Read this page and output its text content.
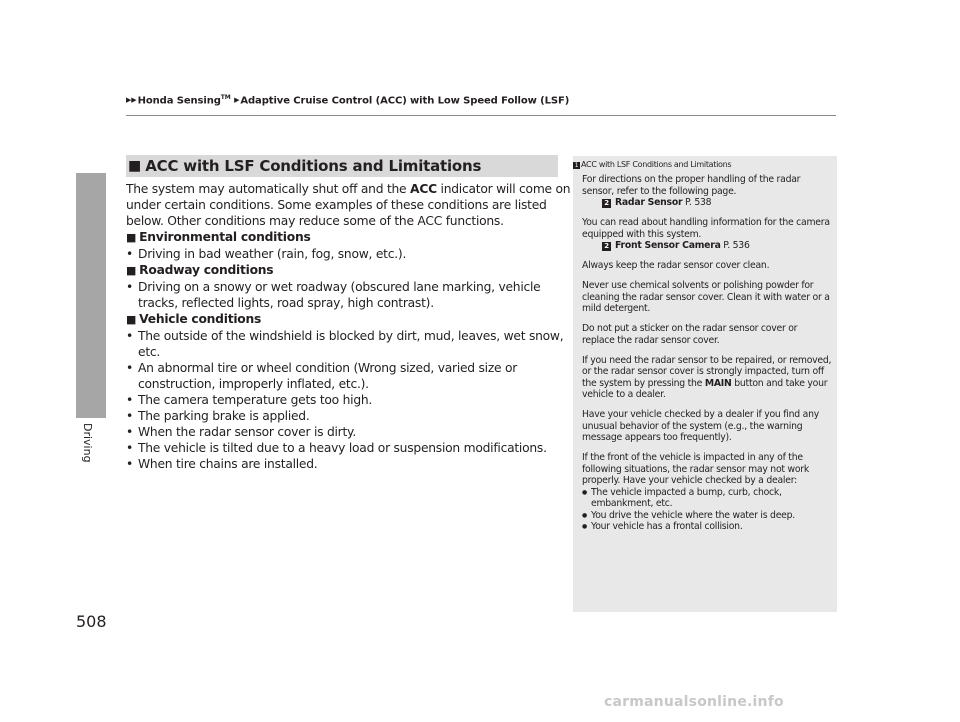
▶▶Honda Sensing™ ▶Adaptive Cruise Control (ACC) with Low Speed Follow (LSF)
Driving
508
■ ACC with LSF Conditions and Limitations

The system may automatically shut off and the ACC indicator will come on under certain conditions. Some examples of these conditions are listed below. Other conditions may reduce some of the ACC functions.

■ Environmental conditions

• Driving in bad weather (rain, fog, snow, etc.).

■ Roadway conditions

• Driving on a snowy or wet roadway (obscured lane marking, vehicle tracks, reflected lights, road spray, high contrast).

■ Vehicle conditions

• The outside of the windshield is blocked by dirt, mud, leaves, wet snow, etc.

• An abnormal tire or wheel condition (Wrong sized, varied size or construction, improperly inflated, etc.).

• The camera temperature gets too high.

• The parking brake is applied.

• When the radar sensor cover is dirty.

• The vehicle is tilted due to a heavy load or suspension modifications.

• When tire chains are installed.

1 ACC with LSF Conditions and Limitations

For directions on the proper handling of the radar sensor, refer to the following page.

2 Radar Sensor P. 538

You can read about handling information for the camera equipped with this system.

2 Front Sensor Camera P. 536

Always keep the radar sensor cover clean.

Never use chemical solvents or polishing powder for cleaning the radar sensor cover. Clean it with water or a mild detergent.

Do not put a sticker on the radar sensor cover or replace the radar sensor cover.

If you need the radar sensor to be repaired, or removed, or the radar sensor cover is strongly impacted, turn off the system by pressing the MAIN button and take your vehicle to a dealer.

Have your vehicle checked by a dealer if you find any unusual behavior of the system (e.g., the warning message appears too frequently).

If the front of the vehicle is impacted in any of the following situations, the radar sensor may not work properly. Have your vehicle checked by a dealer:

● The vehicle impacted a bump, curb, chock, embankment, etc.

● You drive the vehicle where the water is deep.

● Your vehicle has a frontal collision.

carmanualsonline.info
